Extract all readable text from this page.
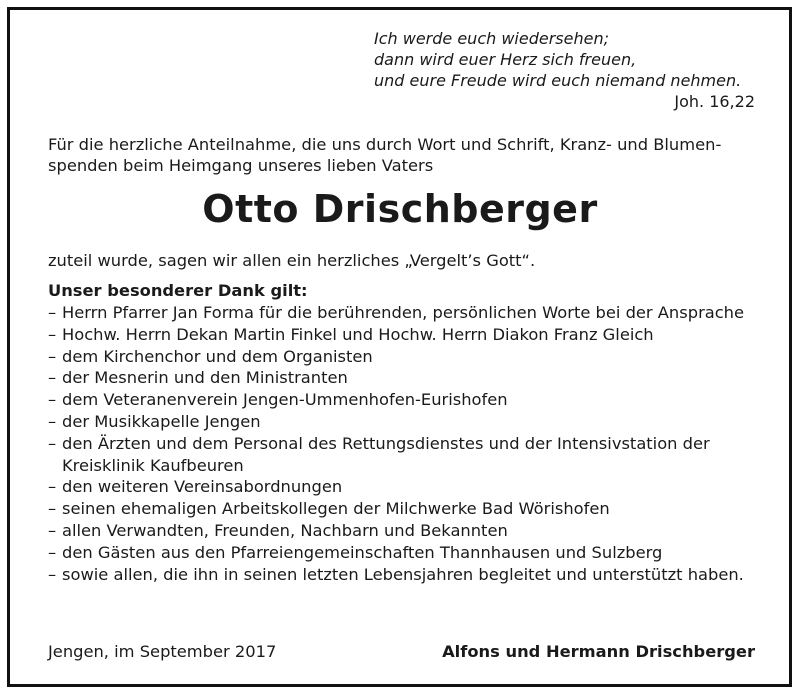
Ich werde euch wiedersehen;
dann wird euer Herz sich freuen,
und eure Freude wird euch niemand nehmen.
Joh. 16,22
Für die herzliche Anteilnahme, die uns durch Wort und Schrift, Kranz- und Blumen-
spenden beim Heimgang unseres lieben Vaters
Otto Drischberger
zuteil wurde, sagen wir allen ein herzliches „Vergelt’s Gott“.
Unser besonderer Dank gilt:
– Herrn Pfarrer Jan Forma für die berührenden, persönlichen Worte bei der Ansprache
– Hochw. Herrn Dekan Martin Finkel und Hochw. Herrn Diakon Franz Gleich
– dem Kirchenchor und dem Organisten
– der Mesnerin und den Ministranten
– dem Veteranenverein Jengen-Ummenhofen-Eurishofen
– der Musikkapelle Jengen
– den Ärzten und dem Personal des Rettungsdienstes und der Intensivstation der Kreisklinik Kaufbeuren
– den weiteren Vereinsabordnungen
– seinen ehemaligen Arbeitskollegen der Milchwerke Bad Wörishofen
– allen Verwandten, Freunden, Nachbarn und Bekannten
– den Gästen aus den Pfarreiengemeinschaften Thannhausen und Sulzberg
– sowie allen, die ihn in seinen letzten Lebensjahren begleitet und unterstützt haben.
Jengen, im September 2017	Alfons und Hermann Drischberger
